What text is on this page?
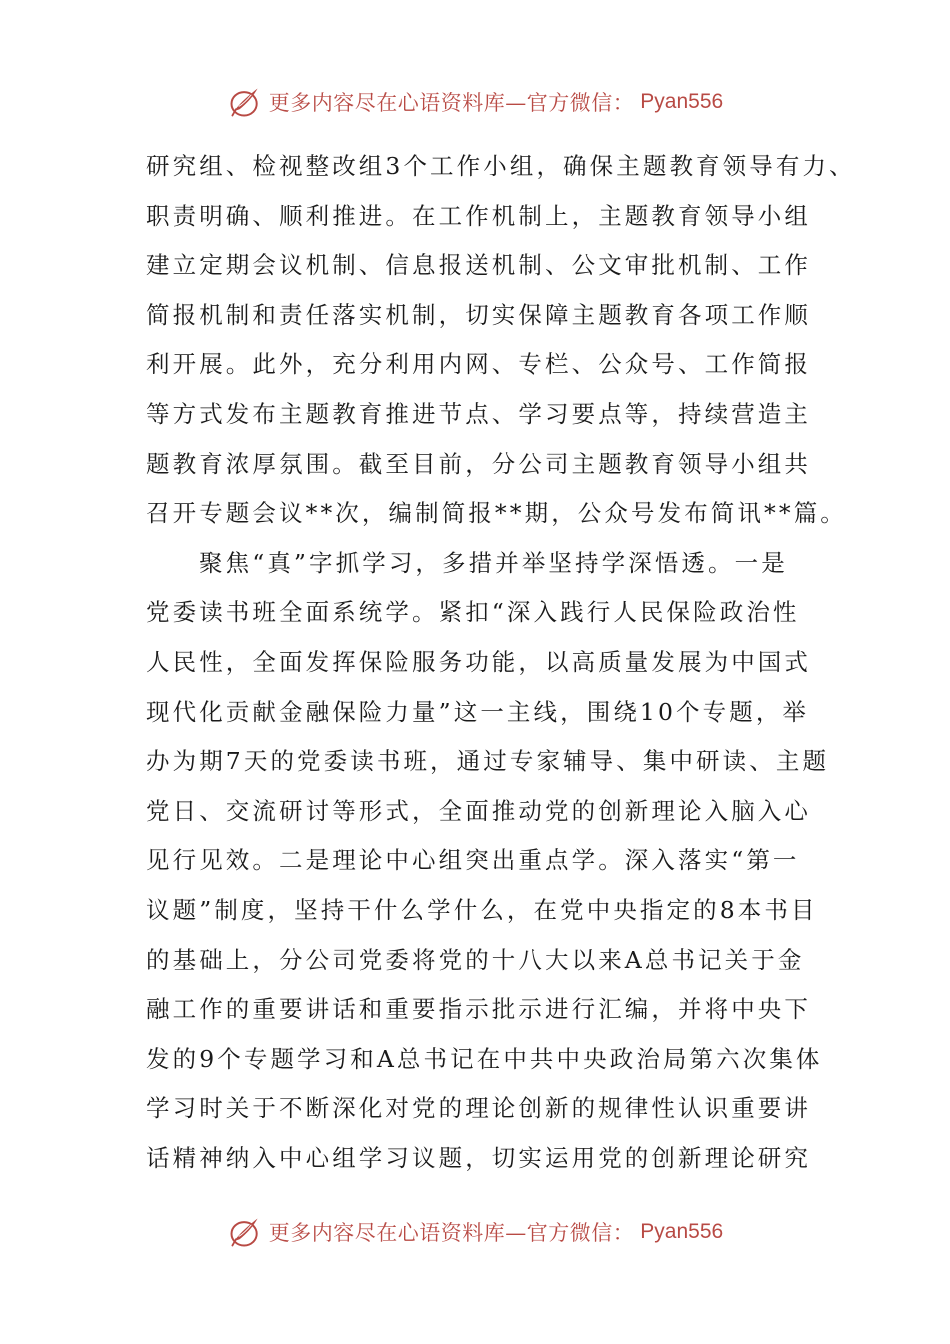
更多内容尽在心语资料库—官方微信： Pyan556

研究组、检视整改组3个工作小组，确保主题教育领导有力、
职责明确、顺利推进。在工作机制上，主题教育领导小组
建立定期会议机制、信息报送机制、公文审批机制、工作
简报机制和责任落实机制，切实保障主题教育各项工作顺
利开展。此外，充分利用内网、专栏、公众号、工作简报
等方式发布主题教育推进节点、学习要点等，持续营造主
题教育浓厚氛围。截至目前，分公司主题教育领导小组共
召开专题会议**次，编制简报**期，公众号发布简讯**篇。

聚焦“真”字抓学习，多措并举坚持学深悟透。一是
党委读书班全面系统学。紧扣“深入践行人民保险政治性
人民性，全面发挥保险服务功能，以高质量发展为中国式
现代化贡献金融保险力量”这一主线，围绕10个专题，举
办为期7天的党委读书班，通过专家辅导、集中研读、主题
党日、交流研讨等形式，全面推动党的创新理论入脑入心
见行见效。二是理论中心组突出重点学。深入落实“第一
议题”制度，坚持干什么学什么，在党中央指定的8本书目
的基础上，分公司党委将党的十八大以来A总书记关于金
融工作的重要讲话和重要指示批示进行汇编，并将中央下
发的9个专题学习和A总书记在中共中央政治局第六次集体
学习时关于不断深化对党的理论创新的规律性认识重要讲
话精神纳入中心组学习议题，切实运用党的创新理论研究

更多内容尽在心语资料库—官方微信： Pyan556
